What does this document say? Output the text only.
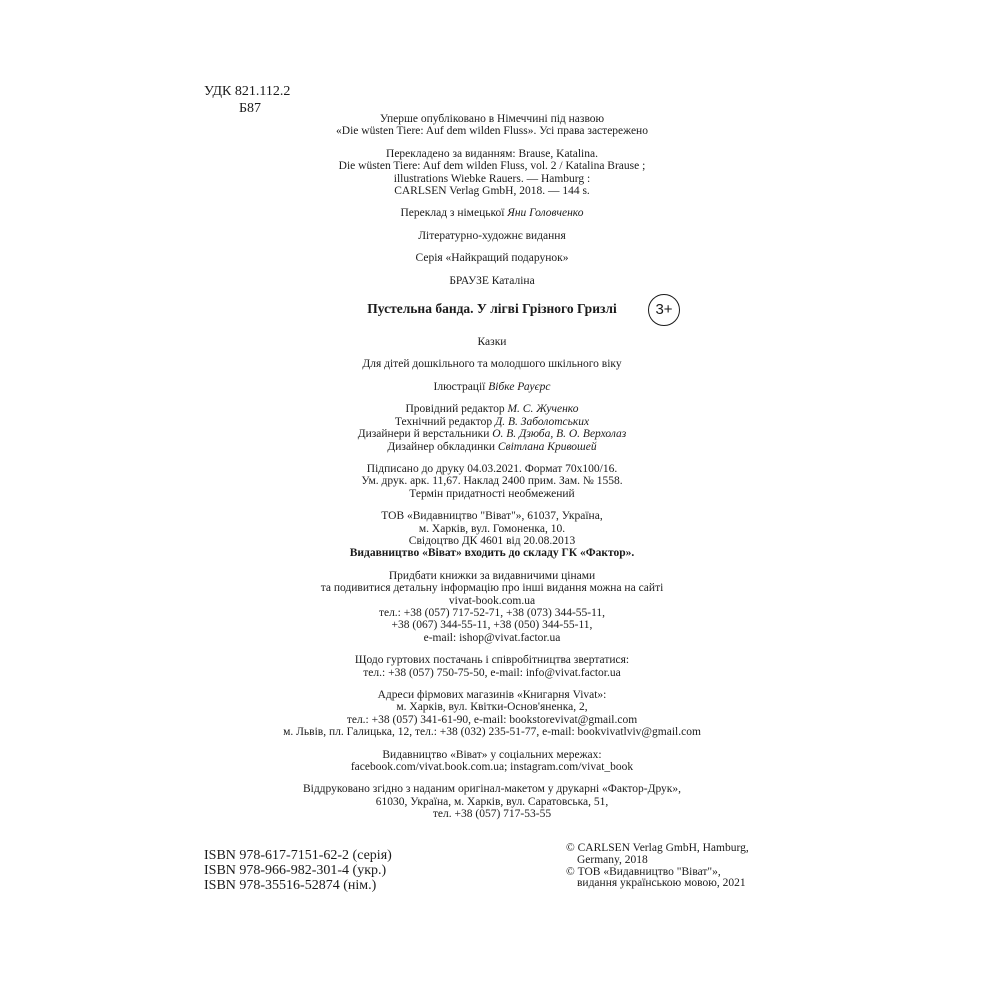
УДК 821.112.2
Б87
Уперше опубліковано в Німеччині під назвою
«Die wüsten Tiere: Auf dem wilden Fluss». Усі права застережено
Перекладено за виданням: Brause, Katalina.
Die wüsten Tiere: Auf dem wilden Fluss, vol. 2 / Katalina Brause ;
illustrations Wiebke Rauers. — Hamburg :
CARLSEN Verlag GmbH, 2018. — 144 s.
Переклад з німецької Яни Головченко
Літературно-художнє видання
Серія «Найкращий подарунок»
БРАУЗЕ Каталіна
Пустельна банда. У лігві Грізного Гризлі	3+
Казки
Для дітей дошкільного та молодшого шкільного віку
Ілюстрації Вібке Рауєрс
Провідний редактор М. С. Жученко
Технічний редактор Д. В. Заболотських
Дизайнери й верстальники О. В. Дзюба, В. О. Верхолаз
Дизайнер обкладинки Світлана Кривошей
Підписано до друку 04.03.2021. Формат 70х100/16.
Ум. друк. арк. 11,67. Наклад 2400 прим. Зам. № 1558.
Термін придатності необмежений
ТОВ «Видавництво "Віват"», 61037, Україна,
м. Харків, вул. Гомоненка, 10.
Свідоцтво ДК 4601 від 20.08.2013
Видавництво «Віват» входить до складу ГК «Фактор».
Придбати книжки за видавничими цінами
та подивитися детальну інформацію про інші видання можна на сайті
vivat-book.com.ua
тел.: +38 (057) 717-52-71, +38 (073) 344-55-11,
+38 (067) 344-55-11, +38 (050) 344-55-11,
e-mail: ishop@vivat.factor.ua
Щодо гуртових постачань і співробітництва звертатися:
тел.: +38 (057) 750-75-50, e-mail: info@vivat.factor.ua
Адреси фірмових магазинів «Книгарня Vivat»:
м. Харків, вул. Квітки-Основ'яненка, 2,
тел.: +38 (057) 341-61-90, e-mail: bookstorevivat@gmail.com
м. Львів, пл. Галицька, 12, тел.: +38 (032) 235-51-77, e-mail: bookvivatlviv@gmail.com
Видавництво «Віват» у соціальних мережах:
facebook.com/vivat.book.com.ua; instagram.com/vivat_book
Віддруковано згідно з наданим оригінал-макетом у друкарні «Фактор-Друк»,
61030, Україна, м. Харків, вул. Саратовська, 51,
тел. +38 (057) 717-53-55
ISBN 978-617-7151-62-2 (серія)
ISBN 978-966-982-301-4 (укр.)
ISBN 978-35516-52874 (нім.)
© CARLSEN Verlag GmbH, Hamburg,
Germany, 2018
© ТОВ «Видавництво "Віват"»,
видання українською мовою, 2021
